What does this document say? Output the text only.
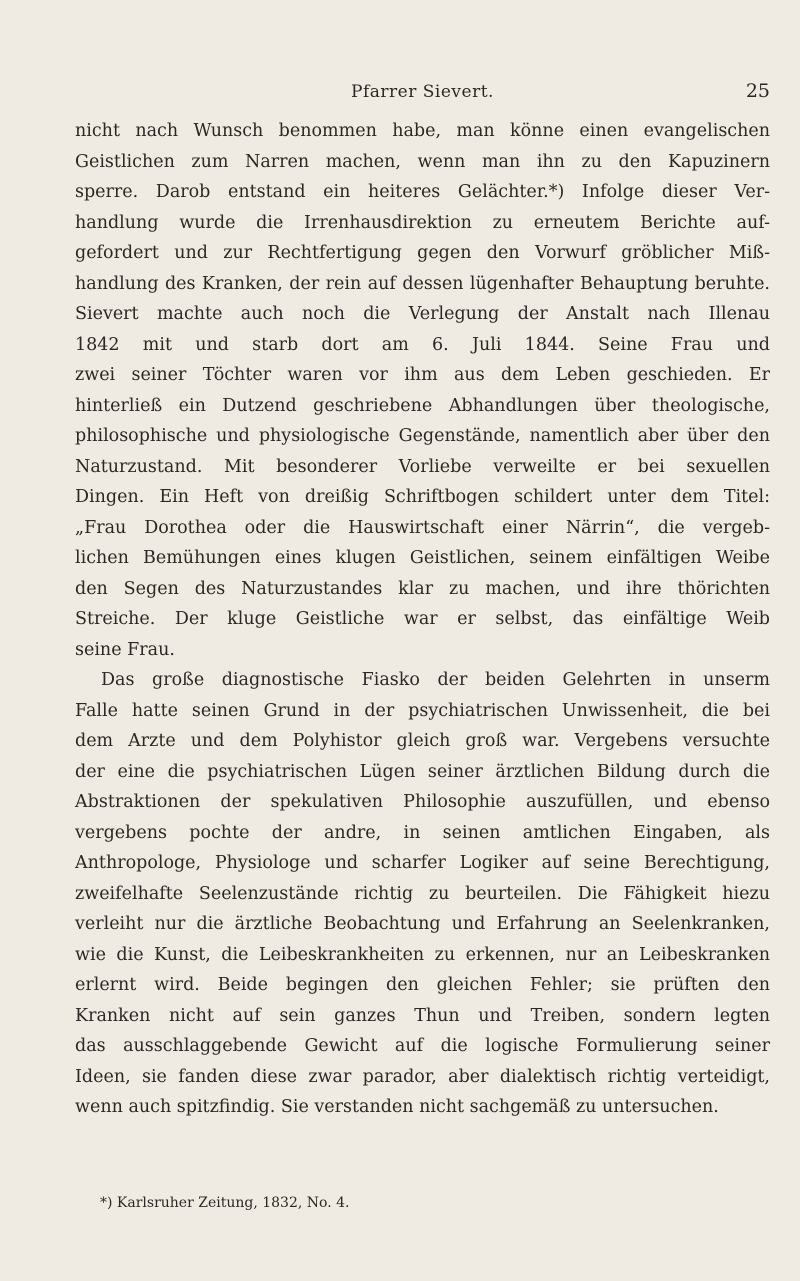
Pfarrer Sievert.	25
nicht nach Wunsch benommen habe, man könne einen evangelischen
Geistlichen zum Narren machen, wenn man ihn zu den Kapuzinern
sperre. Darob entstand ein heiteres Gelächter.*) Infolge dieser Ver-
handlung wurde die Irrenhausdirektion zu erneutem Berichte auf-
gefordert und zur Rechtfertigung gegen den Vorwurf gröblicher Miß-
handlung des Kranken, der rein auf dessen lügenhafter Behauptung beruhte.
Sievert machte auch noch die Verlegung der Anstalt nach Illenau
1842 mit und starb dort am 6. Juli 1844. Seine Frau und
zwei seiner Töchter waren vor ihm aus dem Leben geschieden. Er
hinterließ ein Dutzend geschriebene Abhandlungen über theologische,
philosophische und physiologische Gegenstände, namentlich aber über den
Naturzustand. Mit besonderer Vorliebe verweilte er bei sexuellen
Dingen. Ein Heft von dreißig Schriftbogen schildert unter dem Titel:
„Frau Dorothea oder die Hauswirtschaft einer Närrin“, die vergeb-
lichen Bemühungen eines klugen Geistlichen, seinem einfältigen Weibe
den Segen des Naturzustandes klar zu machen, und ihre thörichten
Streiche. Der kluge Geistliche war er selbst, das einfältige Weib
seine Frau.
Das große diagnostische Fiasko der beiden Gelehrten in unserm
Falle hatte seinen Grund in der psychiatrischen Unwissenheit, die bei
dem Arzte und dem Polyhistor gleich groß war. Vergebens versuchte
der eine die psychiatrischen Lügen seiner ärztlichen Bildung durch die
Abstraktionen der spekulativen Philosophie auszufüllen, und ebenso
vergebens pochte der andre, in seinen amtlichen Eingaben, als
Anthropologe, Physiologe und scharfer Logiker auf seine Berechtigung,
zweifelhafte Seelenzustände richtig zu beurteilen. Die Fähigkeit hiezu
verleiht nur die ärztliche Beobachtung und Erfahrung an Seelenkranken,
wie die Kunst, die Leibeskrankheiten zu erkennen, nur an Leibeskranken
erlernt wird. Beide begingen den gleichen Fehler; sie prüften den
Kranken nicht auf sein ganzes Thun und Treiben, sondern legten
das ausschlaggebende Gewicht auf die logische Formulierung seiner
Ideen, sie fanden diese zwar parador, aber dialektisch richtig verteidigt,
wenn auch spitzfindig. Sie verstanden nicht sachgemäß zu untersuchen.
*) Karlsruher Zeitung, 1832, No. 4.
